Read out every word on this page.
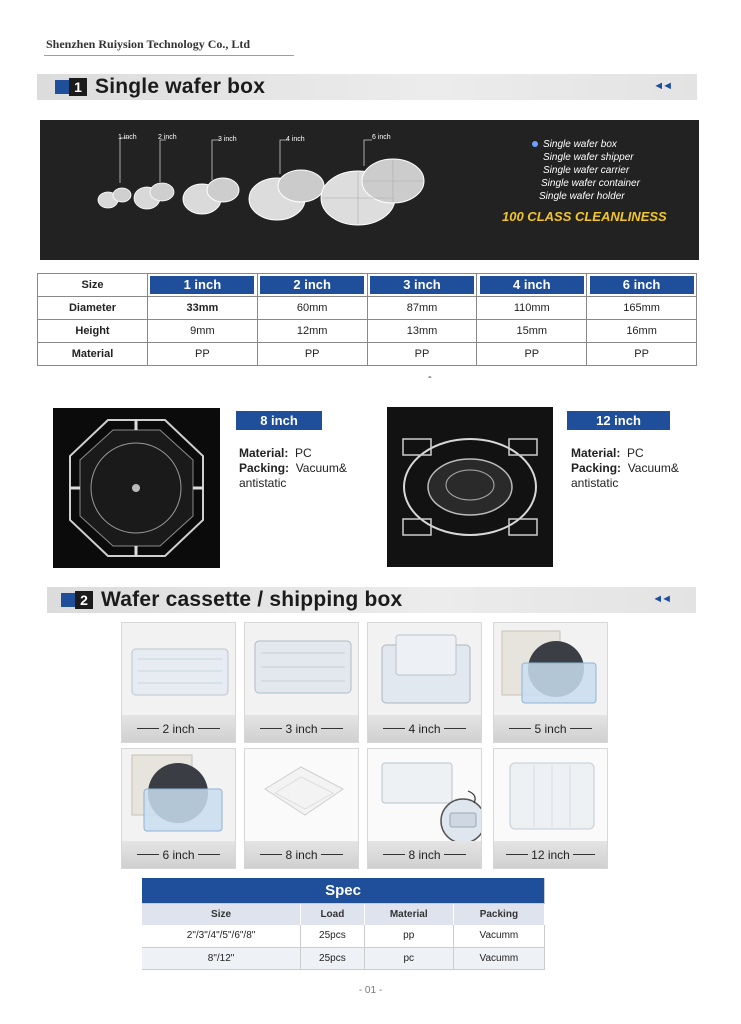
Shenzhen Ruiysion Technology Co., Ltd
1 Single wafer box	◄◄
1 inch	2 inch	3 inch	4 inch	6 inch
Single wafer box
Single wafer shipper
Single wafer carrier
Single wafer container
Single wafer holder
100 CLASS CLEANLINESS
Size	1 inch	2 inch	3 inch	4 inch	6 inch
Diameter	33mm	60mm	87mm	110mm	165mm
Height	9mm	12mm	13mm	15mm	16mm
Material	PP	PP	PP	PP	PP
-
8 inch
Material: PC
Packing: Vacuum&
antistatic
12 inch
Material: PC
Packing: Vacuum&
antistatic
2 Wafer cassette / shipping box	◄◄
2 inch	3 inch	4 inch	5 inch
6 inch	8 inch	8 inch	12 inch
Spec			
Size	Load	Material	Packing
2"/3"/4"/5"/6"/8"	25pcs	pp	Vacumm
8"/12"	25pcs	pc	Vacumm
- 01 -
